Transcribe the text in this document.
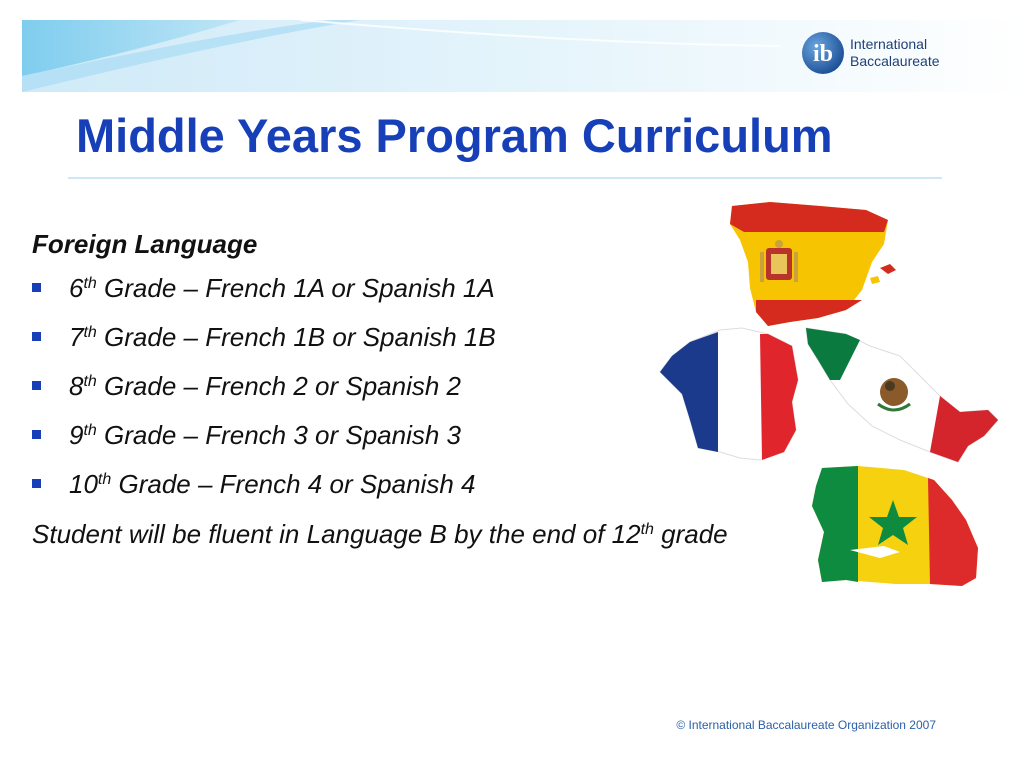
ib International
Baccalaureate
Middle Years Program Curriculum

Foreign Language

6th Grade – French 1A or Spanish 1A
7th Grade – French 1B or Spanish 1B
8th Grade – French 2 or Spanish 2
9th Grade – French 3 or Spanish 3
10th Grade – French 4 or Spanish 4

Student will be fluent in Language B by the end of 12th grade

© International Baccalaureate Organization 2007
